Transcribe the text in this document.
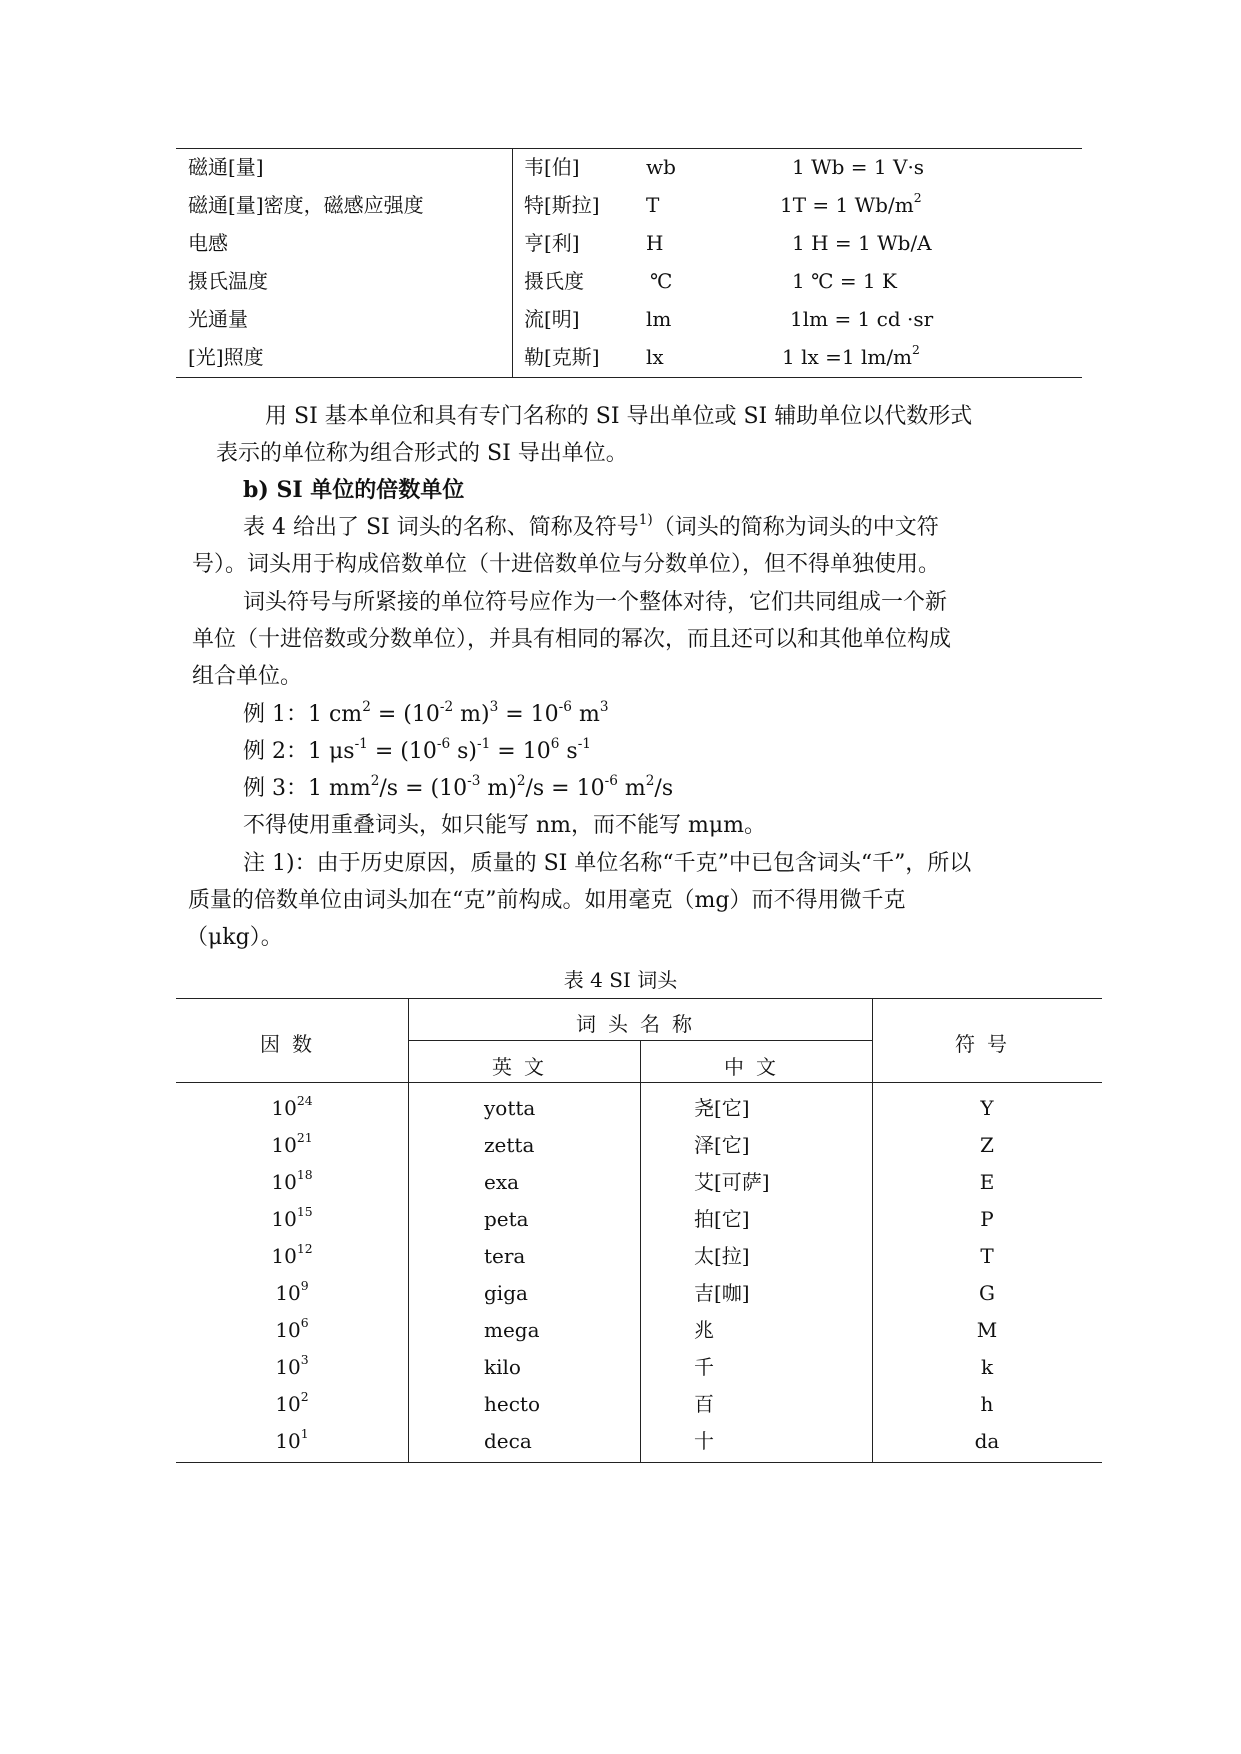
磁通[量]	韦[伯]	wb	1 Wb = 1 V·s
磁通[量]密度，磁感应强度	特[斯拉] T	1T = 1 $Wb/m^2$
电感	亨[利]	H	1 H = 1 Wb/A
摄氏温度	摄氏度	℃	1 ℃ = 1 K
光通量	流[明]	lm	1lm = 1 cd ·sr
[光]照度	勒[克斯] lx	1 lx =1 $lm/m^2$
用 SI 基本单位和具有专门名称的 SI 导出单位或 SI 辅助单位以代数形式
表示的单位称为组合形式的 SI 导出单位。
b) SI 单位的倍数单位
表 4 给出了 SI 词头的名称、简称及符号$^{1)}$（词头的简称为词头的中文符
号）。词头用于构成倍数单位（十进倍数单位与分数单位），但不得单独使用。
词头符号与所紧接的单位符号应作为一个整体对待，它们共同组成一个新
单位（十进倍数或分数单位），并具有相同的幂次，而且还可以和其他单位构成
组合单位。
例 1：1 $cm^2 = (10^{-2}$ $m)^3 = 10^{-6}$ $m^3$
例 2：1 $\mu s^{-1} = (10^{-6}$ $s)^{-1} = 10^6$ $s^{-1}$
例 3：1 $mm^2/s = (10^{-3}$ $m)^2/s = 10^{-6}$ $m^2/s$
不得使用重叠词头，如只能写 nm，而不能写 mμm。
注 1)：由于历史原因，质量的 SI 单位名称“千克”中已包含词头“千”，所以
质量的倍数单位由词头加在“克”前构成。如用毫克（mg）而不得用微千克
（μkg）。
表 4 SI 词头
因数
词头名称
英文	中文
符号
$10^{24}$	yotta	尧[它]	Y
$10^{21}$	zetta	泽[它]	Z
$10^{18}$	exa	艾[可萨]	E
$10^{15}$	peta	拍[它]	P
$10^{12}$	tera	太[拉]	T
$10^9$	giga	吉[咖]	G
$10^6$	mega	兆	M
$10^3$	kilo	千	k
$10^2$	hecto	百	h
$10^1$	deca	十	da
